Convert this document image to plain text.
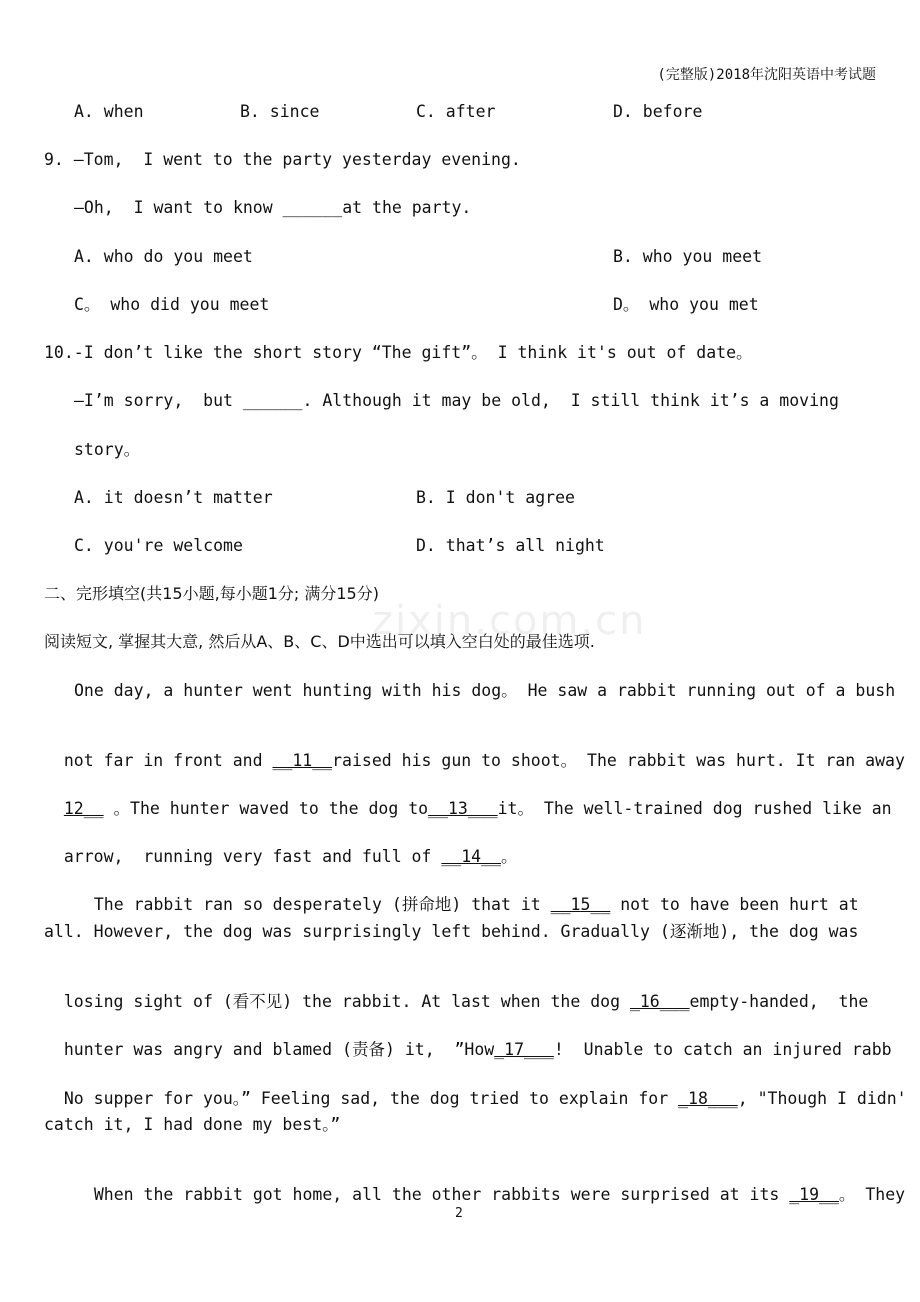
(完整版)2018年沈阳英语中考试题
zixin.com.cn
A. when	B. since	C. after	D. before
9. —Tom,  I went to the party yesterday evening.
—Oh,  I want to know ______at the party.
A. who do you meet	B. who you meet
C。 who did you meet	D。 who you met
10.-I don’t like the short story “The gift”。 I think it's out of date。
—I’m sorry,  but ______. Although it may be old,  I still think it’s a moving
story。
A. it doesn’t matter	B. I don't agree
C. you're welcome	D. that’s all night
二、完形填空(共15小题,每小题1分; 满分15分)
阅读短文, 掌握其大意, 然后从A、B、C、D中选出可以填入空白处的最佳选项.
One day, a hunter went hunting with his dog。 He saw a rabbit running out of a bush

not far in front and __11__raised his gun to shoot。 The rabbit was hurt. It ran away

12__ 。The hunter waved to the dog to__13___it。 The well-trained dog rushed like an

arrow,  running very fast and full of __14__。

The rabbit ran so desperately (拼命地) that it __15__ not to have been hurt at

all. However, the dog was surprisingly left behind. Gradually (逐渐地), the dog was

losing sight of (看不见) the rabbit. At last when the dog _16___empty-handed,  the

hunter was angry and blamed (责备) it,  ”How_17___!  Unable to catch an injured rabb

No supper for you。” Feeling sad, the dog tried to explain for _18___, "Though I didn'

catch it, I had done my best。”

When the rabbit got home, all the other rabbits were surprised at its _19__。 They

2
